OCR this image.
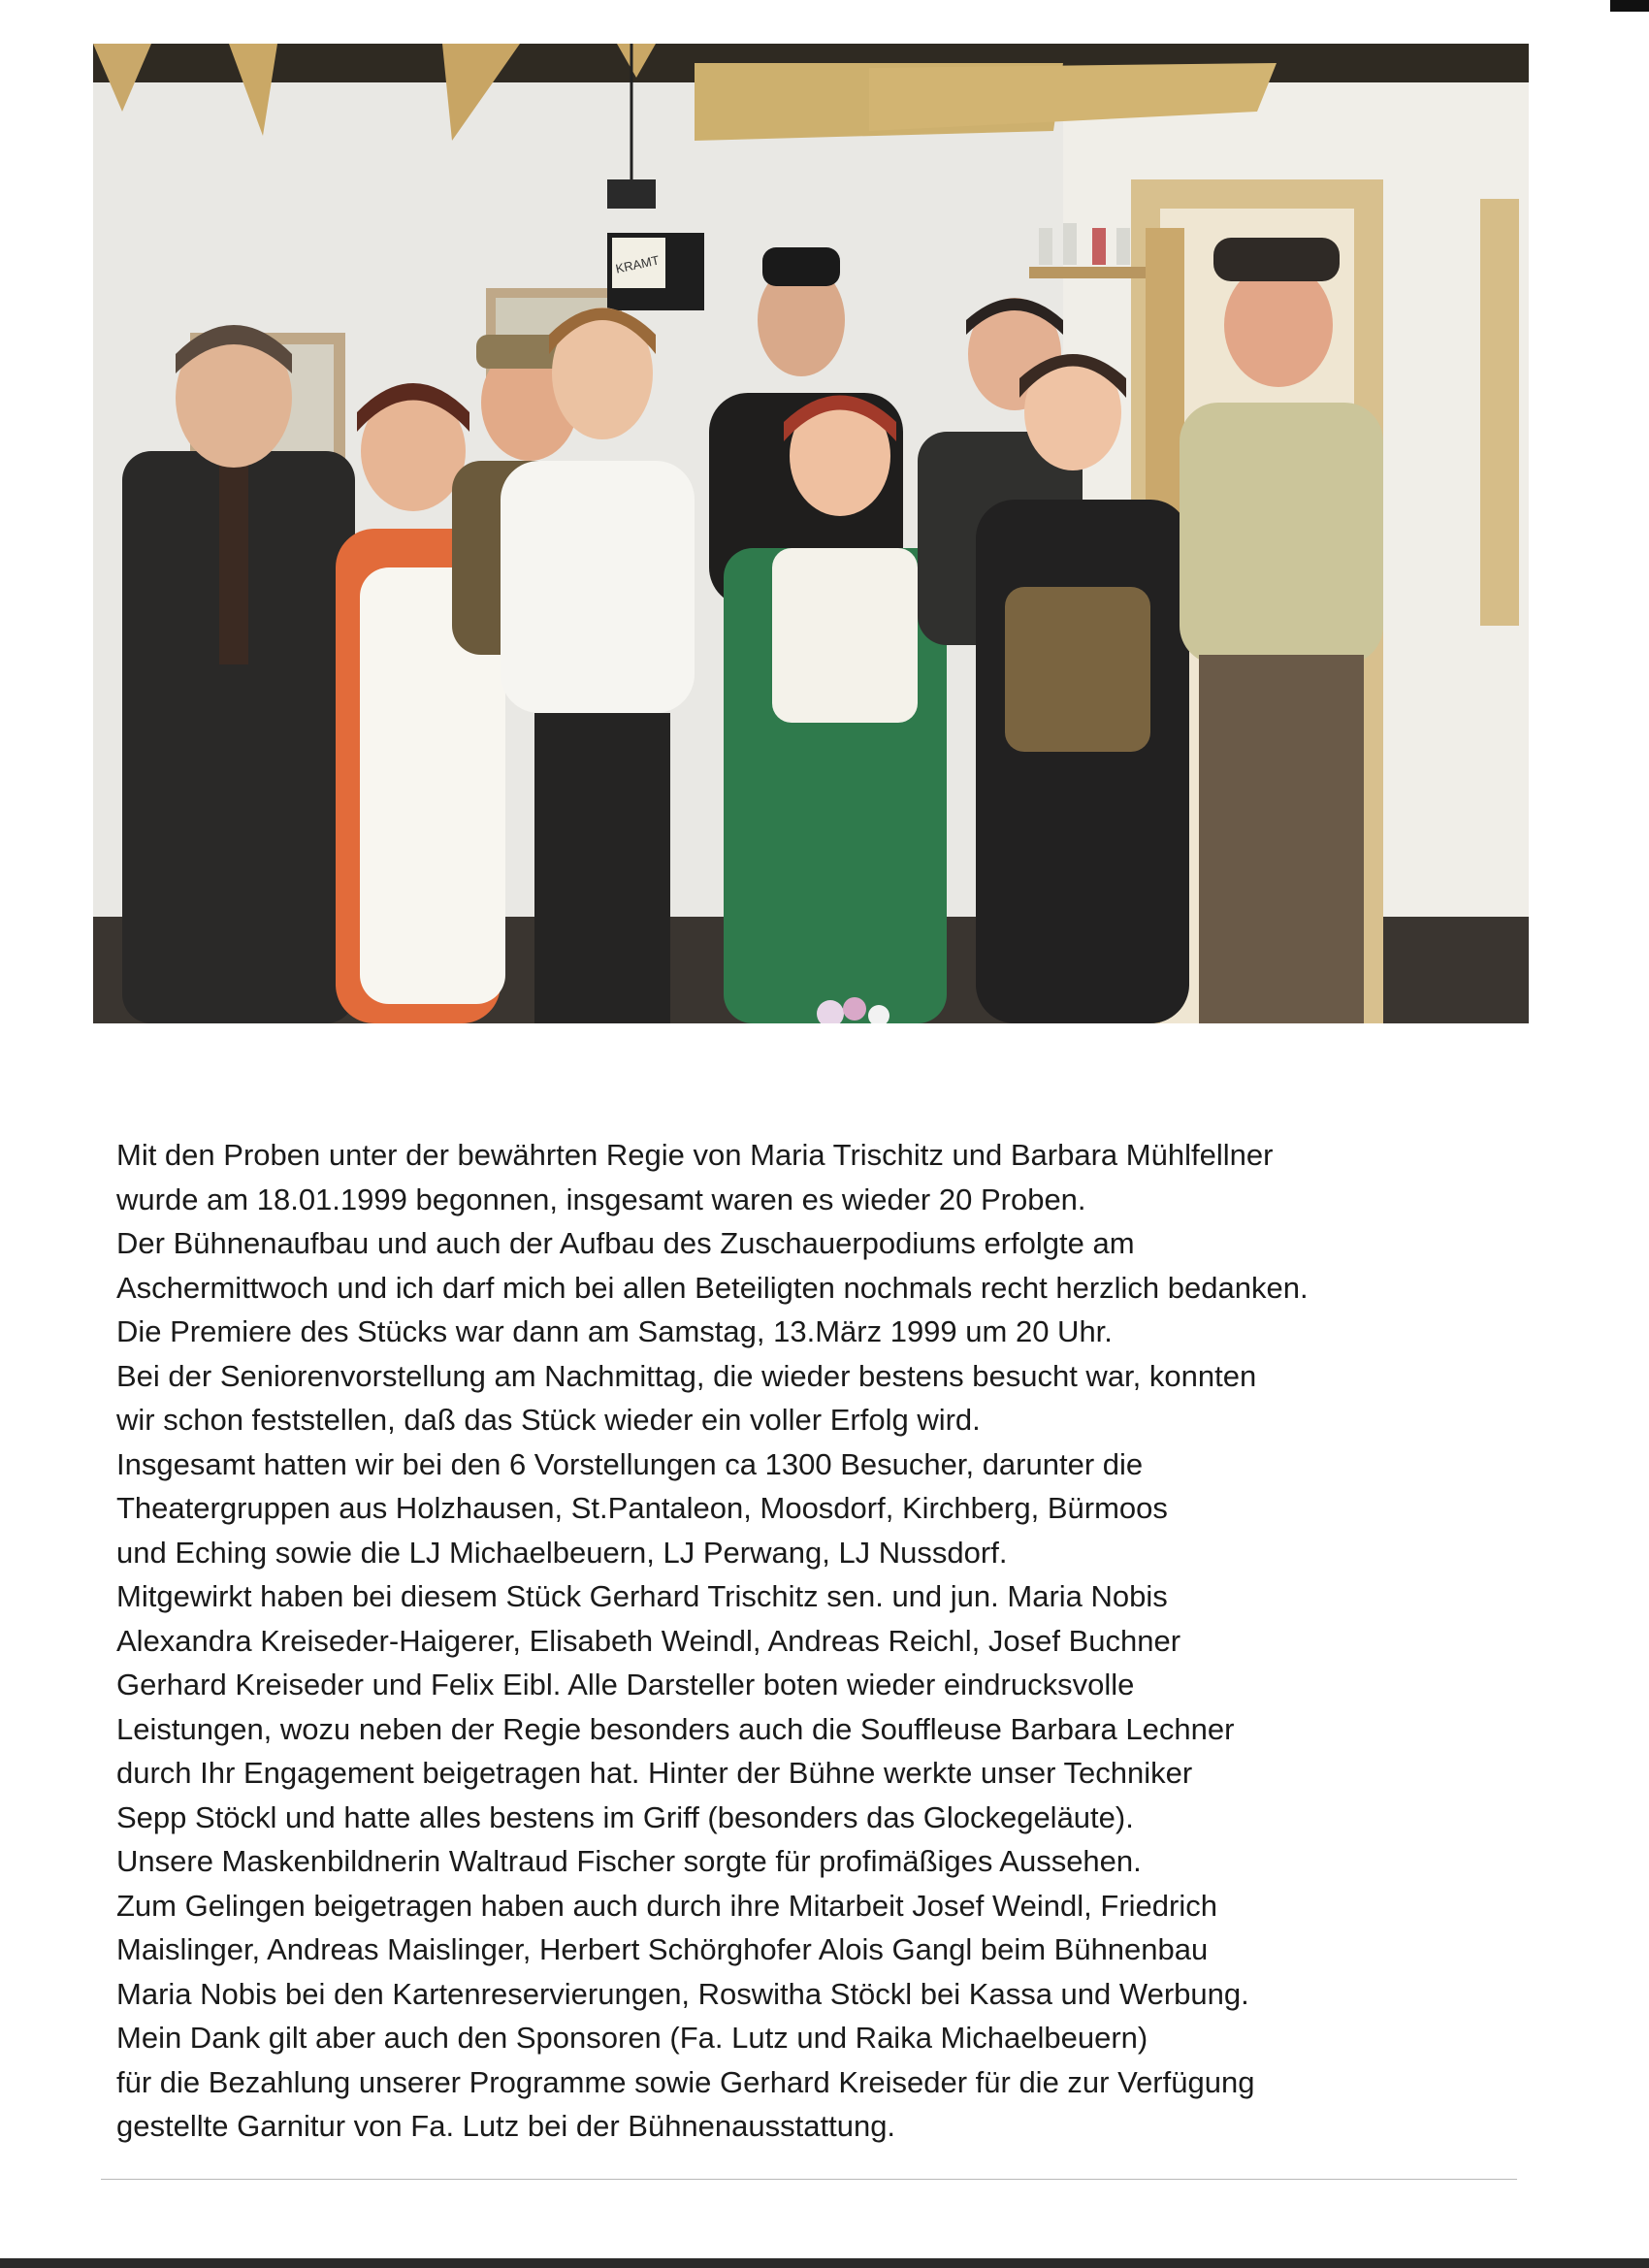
KRAMT

Mit den Proben unter der bewährten Regie von Maria Trischitz und Barbara Mühlfellner

wurde am 18.01.1999 begonnen, insgesamt waren es wieder 20 Proben.

Der Bühnenaufbau und auch der Aufbau des Zuschauerpodiums erfolgte am

Aschermittwoch und ich darf mich bei allen Beteiligten nochmals recht herzlich bedanken.

Die Premiere des Stücks war dann am Samstag, 13.März 1999 um 20 Uhr.

Bei der Seniorenvorstellung am Nachmittag, die wieder bestens besucht war, konnten

wir schon feststellen, daß das Stück wieder ein voller Erfolg wird.

Insgesamt hatten wir bei den 6 Vorstellungen ca 1300 Besucher, darunter die

Theatergruppen aus Holzhausen, St.Pantaleon, Moosdorf, Kirchberg, Bürmoos

und Eching sowie die LJ Michaelbeuern, LJ Perwang, LJ Nussdorf.

Mitgewirkt haben bei diesem Stück Gerhard Trischitz sen. und jun. Maria Nobis

Alexandra Kreiseder-Haigerer, Elisabeth Weindl, Andreas Reichl, Josef Buchner

Gerhard Kreiseder und Felix Eibl. Alle Darsteller boten wieder eindrucksvolle

Leistungen, wozu neben der Regie besonders auch die Souffleuse Barbara Lechner

durch Ihr Engagement beigetragen hat. Hinter der Bühne werkte unser Techniker

Sepp Stöckl und hatte alles bestens im Griff (besonders das Glockegeläute).

Unsere Maskenbildnerin Waltraud Fischer sorgte für profimäßiges Aussehen.

Zum Gelingen beigetragen haben auch durch ihre Mitarbeit Josef Weindl, Friedrich

Maislinger, Andreas Maislinger, Herbert Schörghofer Alois Gangl beim Bühnenbau

Maria Nobis bei den Kartenreservierungen, Roswitha Stöckl bei Kassa und Werbung.

Mein Dank gilt aber auch den Sponsoren (Fa. Lutz und Raika Michaelbeuern)

für die Bezahlung unserer Programme sowie Gerhard Kreiseder für die zur Verfügung

gestellte Garnitur von Fa. Lutz bei der Bühnenausstattung.
